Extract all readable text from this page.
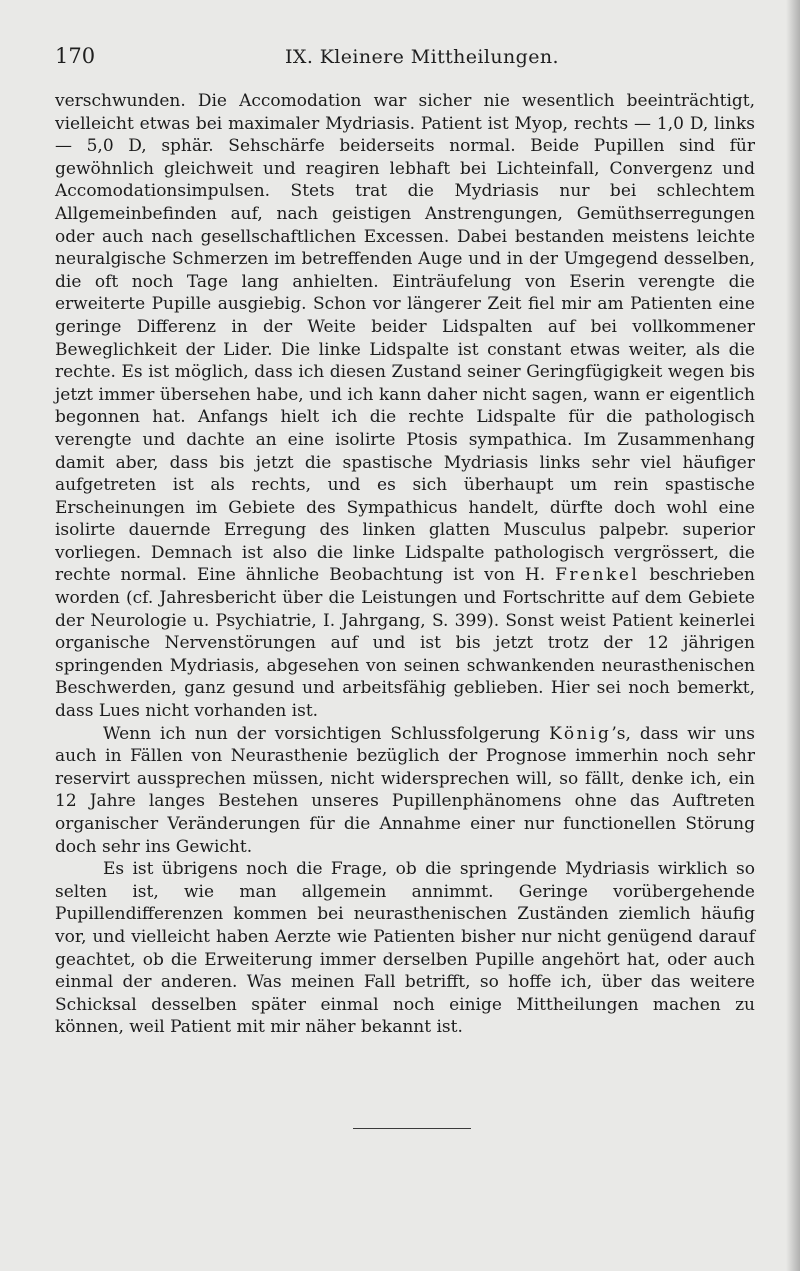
170	IX. Kleinere Mittheilungen.

verschwunden. Die Accomodation war sicher nie wesentlich beeinträchtigt, vielleicht etwas bei maximaler Mydriasis. Patient ist Myop, rechts — 1,0 D, links — 5,0 D, sphär. Sehschärfe beiderseits normal. Beide Pupillen sind für gewöhnlich gleichweit und reagiren lebhaft bei Lichteinfall, Convergenz und Accomodationsimpulsen. Stets trat die Mydriasis nur bei schlechtem Allgemeinbefinden auf, nach geistigen Anstrengungen, Gemüthserregungen oder auch nach gesellschaftlichen Excessen. Dabei bestanden meistens leichte neuralgische Schmerzen im betreffenden Auge und in der Umgegend desselben, die oft noch Tage lang anhielten. Einträufelung von Eserin verengte die erweiterte Pupille ausgiebig. Schon vor längerer Zeit fiel mir am Patienten eine geringe Differenz in der Weite beider Lidspalten auf bei vollkommener Beweglichkeit der Lider. Die linke Lidspalte ist constant etwas weiter, als die rechte. Es ist möglich, dass ich diesen Zustand seiner Geringfügigkeit wegen bis jetzt immer übersehen habe, und ich kann daher nicht sagen, wann er eigentlich begonnen hat. Anfangs hielt ich die rechte Lidspalte für die pathologisch verengte und dachte an eine isolirte Ptosis sympathica. Im Zusammenhang damit aber, dass bis jetzt die spastische Mydriasis links sehr viel häufiger aufgetreten ist als rechts, und es sich überhaupt um rein spastische Erscheinungen im Gebiete des Sympathicus handelt, dürfte doch wohl eine isolirte dauernde Erregung des linken glatten Musculus palpebr. superior vorliegen. Demnach ist also die linke Lidspalte pathologisch vergrössert, die rechte normal. Eine ähnliche Beobachtung ist von H. Frenkel beschrieben worden (cf. Jahresbericht über die Leistungen und Fortschritte auf dem Gebiete der Neurologie u. Psychiatrie, I. Jahrgang, S. 399). Sonst weist Patient keinerlei organische Nervenstörungen auf und ist bis jetzt trotz der 12 jährigen springenden Mydriasis, abgesehen von seinen schwankenden neurasthenischen Beschwerden, ganz gesund und arbeitsfähig geblieben. Hier sei noch bemerkt, dass Lues nicht vorhanden ist.

Wenn ich nun der vorsichtigen Schlussfolgerung König’s, dass wir uns auch in Fällen von Neurasthenie bezüglich der Prognose immerhin noch sehr reservirt aussprechen müssen, nicht widersprechen will, so fällt, denke ich, ein 12 Jahre langes Bestehen unseres Pupillenphänomens ohne das Auftreten organischer Veränderungen für die Annahme einer nur functionellen Störung doch sehr ins Gewicht.

Es ist übrigens noch die Frage, ob die springende Mydriasis wirklich so selten ist, wie man allgemein annimmt. Geringe vorübergehende Pupillendifferenzen kommen bei neurasthenischen Zuständen ziemlich häufig vor, und vielleicht haben Aerzte wie Patienten bisher nur nicht genügend darauf geachtet, ob die Erweiterung immer derselben Pupille angehört hat, oder auch einmal der anderen. Was meinen Fall betrifft, so hoffe ich, über das weitere Schicksal desselben später einmal noch einige Mittheilungen machen zu können, weil Patient mit mir näher bekannt ist.
